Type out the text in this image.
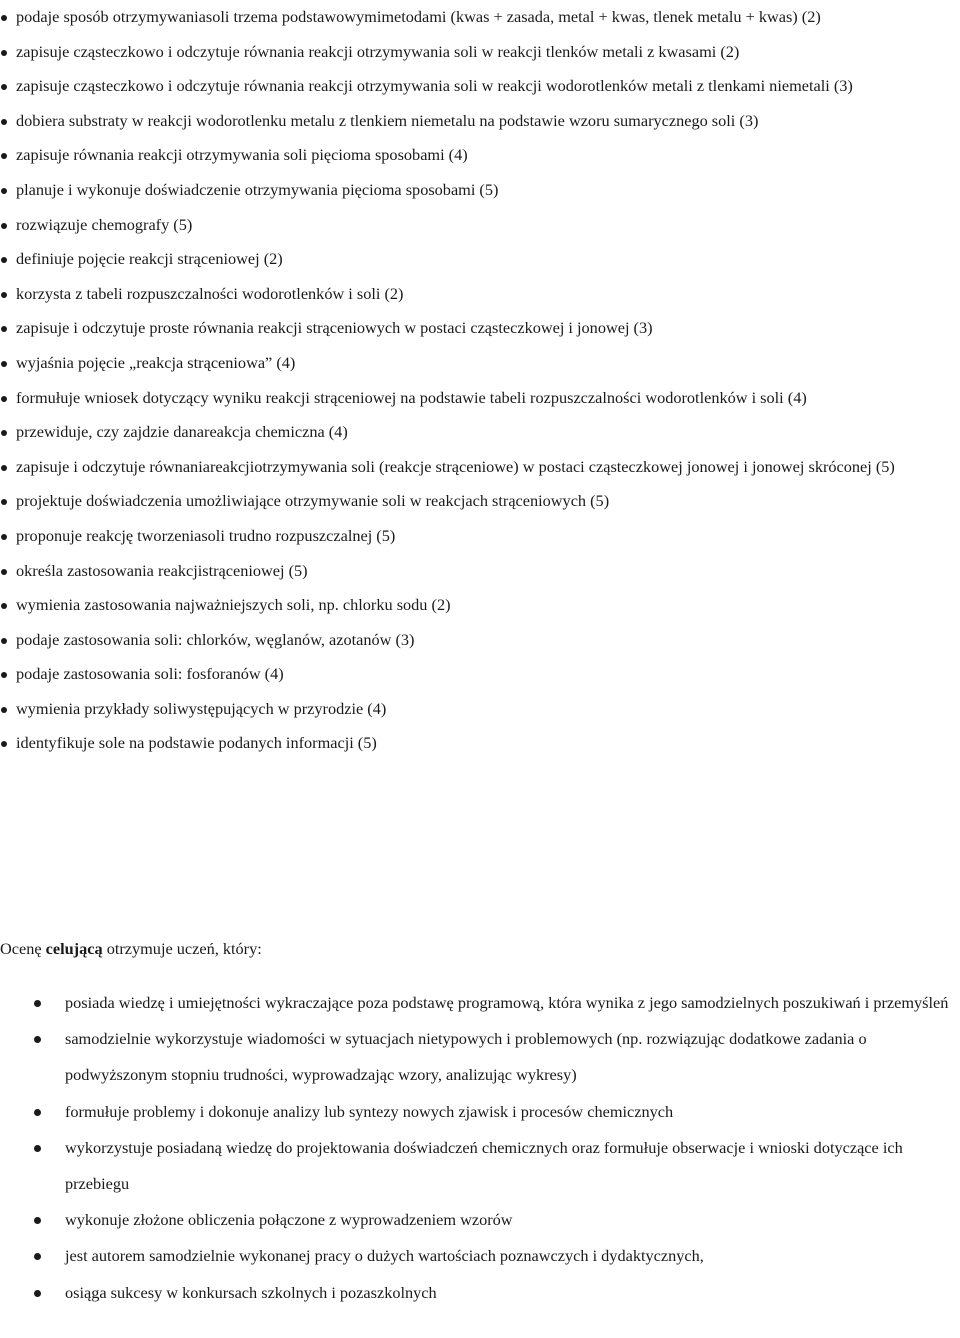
podaje sposób otrzymywaniasoli trzema podstawowymimetodami (kwas + zasada, metal + kwas, tlenek metalu + kwas) (2)
zapisuje cząsteczkowo i odczytuje równania reakcji otrzymywania soli w reakcji tlenków metali z kwasami (2)
zapisuje cząsteczkowo i odczytuje równania reakcji otrzymywania soli w reakcji wodorotlenków metali z tlenkami niemetali (3)
dobiera substraty w reakcji wodorotlenku metalu z tlenkiem niemetalu na podstawie wzoru sumarycznego soli (3)
zapisuje równania reakcji otrzymywania soli pięcioma sposobami (4)
planuje i wykonuje doświadczenie otrzymywania pięcioma sposobami (5)
rozwiązuje chemografy (5)
definiuje pojęcie reakcji strąceniowej (2)
korzysta z tabeli rozpuszczalności wodorotlenków i soli (2)
zapisuje i odczytuje proste równania reakcji strąceniowych w postaci cząsteczkowej i jonowej (3)
wyjaśnia pojęcie „reakcja strąceniowa” (4)
formułuje wniosek dotyczący wyniku reakcji strąceniowej na podstawie tabeli rozpuszczalności wodorotlenków i soli (4)
przewiduje, czy zajdzie danareakcja chemiczna (4)
zapisuje i odczytuje równaniareakcjiotrzymywania soli (reakcje strąceniowe) w postaci cząsteczkowej jonowej i jonowej skróconej (5)
projektuje doświadczenia umożliwiające otrzymywanie soli w reakcjach strąceniowych (5)
proponuje reakcję tworzeniasoli trudno rozpuszczalnej (5)
określa zastosowania reakcjistrąceniowej (5)
wymienia zastosowania najważniejszych soli, np. chlorku sodu (2)
podaje zastosowania soli: chlorków, węglanów, azotanów (3)
podaje zastosowania soli: fosforanów (4)
wymienia przykłady soliwystępujących w przyrodzie (4)
identyfikuje sole na podstawie podanych informacji (5)
Ocenę celującą otrzymuje uczeń, który:
posiada wiedzę i umiejętności wykraczające poza podstawę programową, która wynika z jego samodzielnych poszukiwań i przemyśleń
samodzielnie wykorzystuje wiadomości w sytuacjach nietypowych i problemowych (np. rozwiązując dodatkowe zadania o podwyższonym stopniu trudności, wyprowadzając wzory, analizując wykresy)
formułuje problemy i dokonuje analizy lub syntezy nowych zjawisk i procesów chemicznych
wykorzystuje posiadaną wiedzę do projektowania doświadczeń chemicznych oraz formułuje obserwacje i wnioski dotyczące ich przebiegu
wykonuje złożone obliczenia połączone z wyprowadzeniem wzorów
jest autorem samodzielnie wykonanej pracy o dużych wartościach poznawczych i dydaktycznych,
osiąga sukcesy w konkursach szkolnych i pozaszkolnych
